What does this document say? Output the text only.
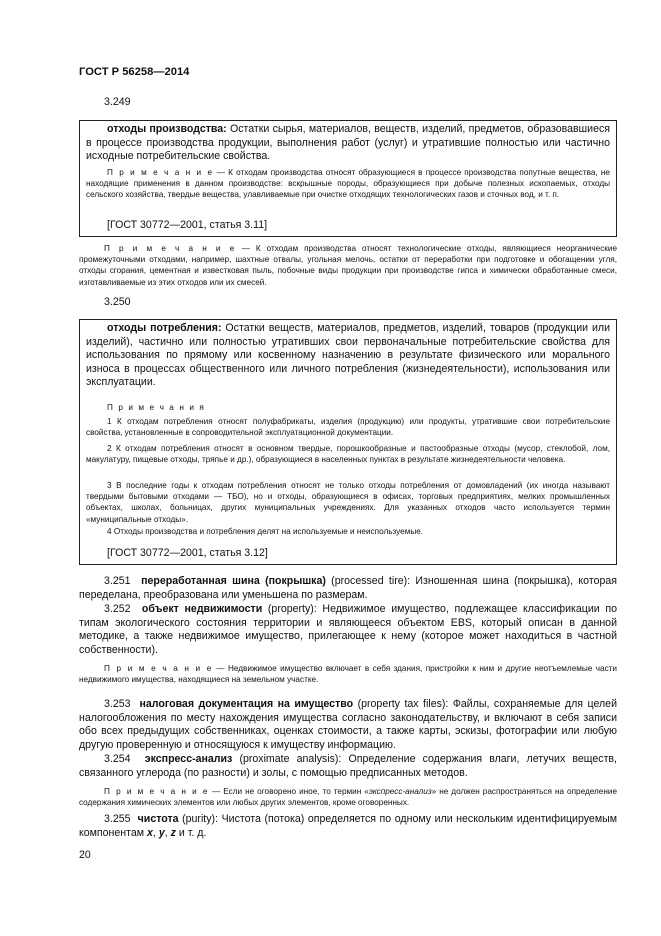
ГОСТ Р 56258—2014
3.249
отходы производства: Остатки сырья, материалов, веществ, изделий, предметов, образовавшиеся в процессе производства продукции, выполнения работ (услуг) и утратившие полностью или частично исходные потребительские свойства.
П р и м е ч а н и е — К отходам производства относят образующиеся в процессе производства попутные вещества, не находящие применения в данном производстве: вскрышные породы, образующиеся при добыче полезных ископаемых, отходы сельского хозяйства, твердые вещества, улавливаемые при очистке отходящих технологических газов и сточных вод, и т. п.
[ГОСТ 30772—2001, статья 3.11]
П р и м е ч а н и е — К отходам производства относят технологические отходы, являющиеся неорганические промежуточными отходами, например, шахтные отвалы, угольная мелочь, остатки от переработки при подготовке и обогащении угля, отходы сгорания, цементная и известковая пыль, побочные виды продукции при производстве гипса и химически обработанные смеси, изготавливаемые из этих отходов или их смесей.
3.250
отходы потребления: Остатки веществ, материалов, предметов, изделий, товаров (продукции или изделий), частично или полностью утративших свои первоначальные потребительские свойства для использования по прямому или косвенному назначению в результате физического или морального износа в процессах общественного или личного потребления (жизнедеятельности), использования или эксплуатации.
П р и м е ч а н и я
1 К отходам потребления относят полуфабрикаты, изделия (продукцию) или продукты, утратившие свои потребительские свойства, установленные в сопроводительной эксплуатационной документации.
2 К отходам потребления относят в основном твердые, порошкообразные и пастообразные отходы (мусор, стеклобой, лом, макулатуру, пищевые отходы, тряпье и др.), образующиеся в населенных пунктах в результате жизнедеятельности человека.
3 В последние годы к отходам потребления относят не только отходы потребления от домовладений (их иногда называют твердыми бытовыми отходами — ТБО), но и отходы, образующиеся в офисах, торговых предприятиях, мелких промышленных объектах, школах, больницах, других муниципальных учреждениях. Для указанных отходов часто используется термин «муниципальные отходы».
4 Отходы производства и потребления делят на используемые и неиспользуемые.
[ГОСТ 30772—2001, статья 3.12]
3.251 переработанная шина (покрышка) (processed tire): Изношенная шина (покрышка), которая переделана, преобразована или уменьшена по размерам.
3.252 объект недвижимости (property): Недвижимое имущество, подлежащее классификации по типам экологического состояния территории и являющееся объектом EBS, который описан в данной методике, а также недвижимое имущество, прилегающее к нему (которое может находиться в частной собственности).
П р и м е ч а н и е — Недвижимое имущество включает в себя здания, пристройки к ним и другие неотъемлемые части недвижимого имущества, находящиеся на земельном участке.
3.253 налоговая документация на имущество (property tax files): Файлы, сохраняемые для целей налогообложения по месту нахождения имущества согласно законодательству, и включают в себя записи обо всех предыдущих собственниках, оценках стоимости, а также карты, эскизы, фотографии или любую другую проверенную и относящуюся к имуществу информацию.
3.254 экспресс-анализ (proximate analysis): Определение содержания влаги, летучих веществ, связанного углерода (по разности) и золы, с помощью предписанных методов.
П р и м е ч а н и е — Если не оговорено иное, то термин «экспресс-анализ» не должен распространяться на определение содержания химических элементов или любых других элементов, кроме оговоренных.
3.255 чистота (purity): Чистота (потока) определяется по одному или нескольким идентифицируемым компонентам x, y, z и т. д.
20
